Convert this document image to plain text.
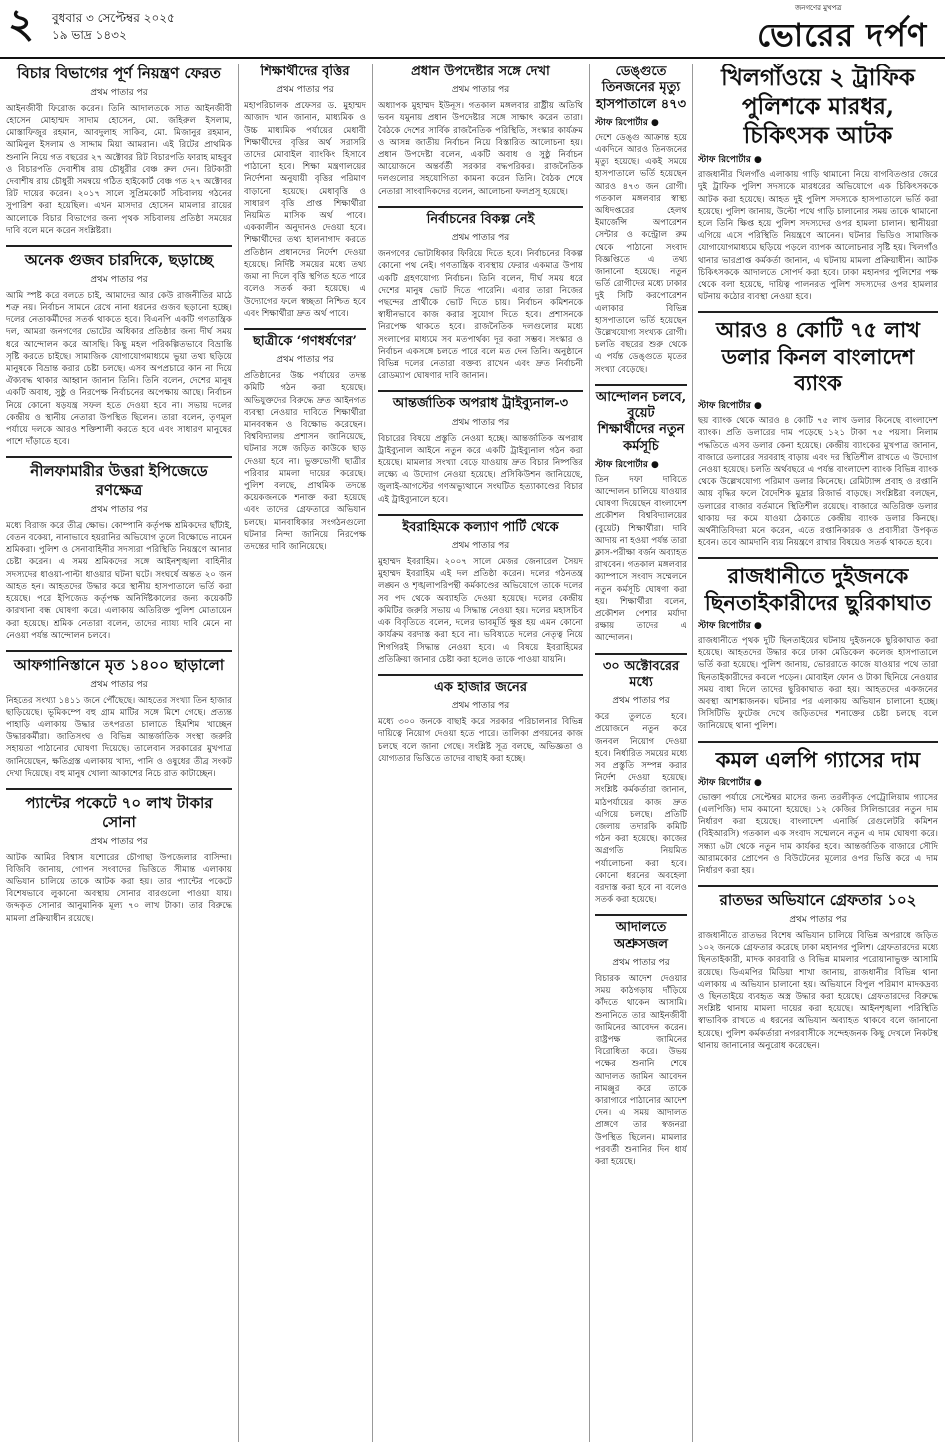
২ বুধবার ৩ সেপ্টেম্বর ২০২৫
১৯ ভাদ্র ১৪৩২
জনগণের মুখপত্র
ভোরের দর্পণ
বিচার বিভাগের পূর্ণ নিয়ন্ত্রণ ফেরত
প্রথম পাতার পর
আইনজীবী ফিরোজ করেন। তিনি আদালতকে সাত আইনজীবী হোসেন মোহাম্মদ সাদাম হোসেন, মো. জহিরুল ইসলাম, মোস্তাফিজুর রহমান, আবদুলাহ সাকিব, মো. মিজানুর রহমান, আমিনুল ইসলাম ও সাদ্দাম মিয়া আমরান। এই রিটের প্রাথমিক শুনানি নিয়ে গত বছরের ২৭ অক্টোবর রিট বিচারপতি ফারাহ মাহবুব ও বিচারপতি দেবাশীষ রায় চৌধুরীর বেঞ্চ রুল দেন। রিটকারী দেবাশীষ রায় চৌধুরী সমন্বয়ে গঠিত হাইকোর্ট বেঞ্চ গত ২৭ অক্টোবর রিট দায়ের করেন। ২০১৭ সালে সুপ্রিমকোর্ট সচিবালয় গঠনের সুপারিশ করা হয়েছিল। এখন মাসদার হোসেন মামলার রায়ের আলোকে বিচার বিভাগের জন্য পৃথক সচিবালয় প্রতিষ্ঠা সময়ের দাবি বলে মনে করেন সংশ্লিষ্টরা।
অনেক গুজব চারদিকে, ছড়াচ্ছে
প্রথম পাতার পর
আমি স্পষ্ট করে বলতে চাই, আমাদের আর কেউ রাজনীতির মাঠে শত্রু নয়। নির্বাচন সামনে রেখে নানা ধরনের গুজব ছড়ানো হচ্ছে। দলের নেতাকর্মীদের সতর্ক থাকতে হবে। বিএনপি একটি গণতান্ত্রিক দল, আমরা জনগণের ভোটের অধিকার প্রতিষ্ঠার জন্য দীর্ঘ সময় ধরে আন্দোলন করে আসছি। কিছু মহল পরিকল্পিতভাবে বিভ্রান্তি সৃষ্টি করতে চাইছে। সামাজিক যোগাযোগমাধ্যমে ভুয়া তথ্য ছড়িয়ে মানুষকে বিভ্রান্ত করার চেষ্টা চলছে। এসব অপপ্রচারে কান না দিয়ে ঐক্যবদ্ধ থাকার আহ্বান জানান তিনি। তিনি বলেন, দেশের মানুষ একটি অবাধ, সুষ্ঠু ও নিরপেক্ষ নির্বাচনের অপেক্ষায় আছে। নির্বাচন নিয়ে কোনো ষড়যন্ত্র সফল হতে দেওয়া হবে না। সভায় দলের কেন্দ্রীয় ও স্থানীয় নেতারা উপস্থিত ছিলেন। তারা বলেন, তৃণমূল পর্যায়ে দলকে আরও শক্তিশালী করতে হবে এবং সাধারণ মানুষের পাশে দাঁড়াতে হবে।
নীলফামারীর উত্তরা ইপিজেডে রণক্ষেত্র
প্রথম পাতার পর
মধ্যে বিরাজ করে তীব্র ক্ষোভ। কোম্পানি কর্তৃপক্ষ শ্রমিকদের ছাঁটাই, বেতন বকেয়া, নানাভাবে হয়রানির অভিযোগ তুলে বিক্ষোভে নামেন শ্রমিকরা। পুলিশ ও সেনাবাহিনীর সদস্যরা পরিস্থিতি নিয়ন্ত্রণে আনার চেষ্টা করেন। এ সময় শ্রমিকদের সঙ্গে আইনশৃঙ্খলা বাহিনীর সদস্যদের ধাওয়া-পাল্টা ধাওয়ার ঘটনা ঘটে। সংঘর্ষে অন্তত ২০ জন আহত হন। আহতদের উদ্ধার করে স্থানীয় হাসপাতালে ভর্তি করা হয়েছে। পরে ইপিজেড কর্তৃপক্ষ অনির্দিষ্টকালের জন্য কয়েকটি কারখানা বন্ধ ঘোষণা করে। এলাকায় অতিরিক্ত পুলিশ মোতায়েন করা হয়েছে। শ্রমিক নেতারা বলেন, তাদের ন্যায্য দাবি মেনে না নেওয়া পর্যন্ত আন্দোলন চলবে।
আফগানিস্তানে মৃত ১৪০০ ছাড়ালো
প্রথম পাতার পর
নিহতের সংখ্যা ১৪১১ জনে পৌঁছেছে। আহতের সংখ্যা তিন হাজার ছাড়িয়েছে। ভূমিকম্পে বহু গ্রাম মাটির সঙ্গে মিশে গেছে। প্রত্যন্ত পাহাড়ি এলাকায় উদ্ধার তৎপরতা চালাতে হিমশিম খাচ্ছেন উদ্ধারকর্মীরা। জাতিসংঘ ও বিভিন্ন আন্তর্জাতিক সংস্থা জরুরি সহায়তা পাঠানোর ঘোষণা দিয়েছে। তালেবান সরকারের মুখপাত্র জানিয়েছেন, ক্ষতিগ্রস্ত এলাকায় খাদ্য, পানি ও ওষুধের তীব্র সংকট দেখা দিয়েছে। বহু মানুষ খোলা আকাশের নিচে রাত কাটাচ্ছেন।
প্যান্টের পকেটে ৭০ লাখ টাকার সোনা
প্রথম পাতার পর
আটক আমির বিশ্বাস যশোরের চৌগাছা উপজেলার বাসিন্দা। বিজিবি জানায়, গোপন সংবাদের ভিত্তিতে সীমান্ত এলাকায় অভিযান চালিয়ে তাকে আটক করা হয়। তার প্যান্টের পকেটে বিশেষভাবে লুকানো অবস্থায় সোনার বারগুলো পাওয়া যায়। জব্দকৃত সোনার আনুমানিক মূল্য ৭০ লাখ টাকা। তার বিরুদ্ধে মামলা প্রক্রিয়াধীন রয়েছে।
শিক্ষার্থীদের বৃত্তির
প্রথম পাতার পর
মহাপরিচালক প্রফেসর ড. মুহাম্মদ আজাদ খান জানান, মাধ্যমিক ও উচ্চ মাধ্যমিক পর্যায়ের মেধাবী শিক্ষার্থীদের বৃত্তির অর্থ সরাসরি তাদের মোবাইল ব্যাংকিং হিসাবে পাঠানো হবে। শিক্ষা মন্ত্রণালয়ের নির্দেশনা অনুযায়ী বৃত্তির পরিমাণ বাড়ানো হয়েছে। মেধাবৃত্তি ও সাধারণ বৃত্তি প্রাপ্ত শিক্ষার্থীরা নিয়মিত মাসিক অর্থ পাবে। এককালীন অনুদানও দেওয়া হবে। শিক্ষার্থীদের তথ্য হালনাগাদ করতে প্রতিষ্ঠান প্রধানদের নির্দেশ দেওয়া হয়েছে। নির্দিষ্ট সময়ের মধ্যে তথ্য জমা না দিলে বৃত্তি স্থগিত হতে পারে বলেও সতর্ক করা হয়েছে। এ উদ্যোগের ফলে স্বচ্ছতা নিশ্চিত হবে এবং শিক্ষার্থীরা দ্রুত অর্থ পাবে।
ছাত্রীকে ‘গণধর্ষণের’
প্রথম পাতার পর
প্রতিষ্ঠানের উচ্চ পর্যায়ের তদন্ত কমিটি গঠন করা হয়েছে। অভিযুক্তদের বিরুদ্ধে দ্রুত আইনগত ব্যবস্থা নেওয়ার দাবিতে শিক্ষার্থীরা মানববন্ধন ও বিক্ষোভ করেছেন। বিশ্ববিদ্যালয় প্রশাসন জানিয়েছে, ঘটনার সঙ্গে জড়িত কাউকে ছাড় দেওয়া হবে না। ভুক্তভোগী ছাত্রীর পরিবার মামলা দায়ের করেছে। পুলিশ বলছে, প্রাথমিক তদন্তে কয়েকজনকে শনাক্ত করা হয়েছে এবং তাদের গ্রেফতারে অভিযান চলছে। মানবাধিকার সংগঠনগুলো ঘটনার নিন্দা জানিয়ে নিরপেক্ষ তদন্তের দাবি জানিয়েছে।
প্রধান উপদেষ্টার সঙ্গে দেখা
প্রথম পাতার পর
অধ্যাপক মুহাম্মদ ইউনূস। গতকাল মঙ্গলবার রাষ্ট্রীয় অতিথি ভবন যমুনায় প্রধান উপদেষ্টার সঙ্গে সাক্ষাৎ করেন তারা। বৈঠকে দেশের সার্বিক রাজনৈতিক পরিস্থিতি, সংস্কার কার্যক্রম ও আসন্ন জাতীয় নির্বাচন নিয়ে বিস্তারিত আলোচনা হয়। প্রধান উপদেষ্টা বলেন, একটি অবাধ ও সুষ্ঠু নির্বাচন আয়োজনে অন্তর্বর্তী সরকার বদ্ধপরিকর। রাজনৈতিক দলগুলোর সহযোগিতা কামনা করেন তিনি। বৈঠক শেষে নেতারা সাংবাদিকদের বলেন, আলোচনা ফলপ্রসূ হয়েছে।
নির্বাচনের বিকল্প নেই
প্রথম পাতার পর
জনগণের ভোটাধিকার ফিরিয়ে দিতে হবে। নির্বাচনের বিকল্প কোনো পথ নেই। গণতান্ত্রিক ব্যবস্থায় ফেরার একমাত্র উপায় একটি গ্রহণযোগ্য নির্বাচন। তিনি বলেন, দীর্ঘ সময় ধরে দেশের মানুষ ভোট দিতে পারেনি। এবার তারা নিজের পছন্দের প্রার্থীকে ভোট দিতে চায়। নির্বাচন কমিশনকে স্বাধীনভাবে কাজ করার সুযোগ দিতে হবে। প্রশাসনকে নিরপেক্ষ থাকতে হবে। রাজনৈতিক দলগুলোর মধ্যে সংলাপের মাধ্যমে সব মতপার্থক্য দূর করা সম্ভব। সংস্কার ও নির্বাচন একসঙ্গে চলতে পারে বলে মত দেন তিনি। অনুষ্ঠানে বিভিন্ন দলের নেতারা বক্তব্য রাখেন এবং দ্রুত নির্বাচনী রোডম্যাপ ঘোষণার দাবি জানান।
আন্তর্জাতিক অপরাধ ট্রাইব্যুনাল-৩
প্রথম পাতার পর
বিচারের বিষয়ে প্রস্তুতি নেওয়া হচ্ছে। আন্তর্জাতিক অপরাধ ট্রাইব্যুনাল আইনে নতুন করে একটি ট্রাইব্যুনাল গঠন করা হয়েছে। মামলার সংখ্যা বেড়ে যাওয়ায় দ্রুত বিচার নিষ্পত্তির লক্ষ্যে এ উদ্যোগ নেওয়া হয়েছে। প্রসিকিউশন জানিয়েছে, জুলাই-আগস্টের গণঅভ্যুত্থানে সংঘটিত হত্যাকাণ্ডের বিচার এই ট্রাইব্যুনালে হবে।
ইবরাহিমকে কল্যাণ পার্টি থেকে
প্রথম পাতার পর
মুহাম্মদ ইবরাহিম। ২০০৭ সালে মেজর জেনারেল সৈয়দ মুহাম্মদ ইবরাহিম এই দল প্রতিষ্ঠা করেন। দলের গঠনতন্ত্র লঙ্ঘন ও শৃঙ্খলাপরিপন্থী কর্মকাণ্ডের অভিযোগে তাকে দলের সব পদ থেকে অব্যাহতি দেওয়া হয়েছে। দলের কেন্দ্রীয় কমিটির জরুরি সভায় এ সিদ্ধান্ত নেওয়া হয়। দলের মহাসচিব এক বিবৃতিতে বলেন, দলের ভাবমূর্তি ক্ষুণ্ণ হয় এমন কোনো কার্যক্রম বরদাস্ত করা হবে না। ভবিষ্যতে দলের নেতৃত্ব নিয়ে শিগগিরই সিদ্ধান্ত নেওয়া হবে। এ বিষয়ে ইবরাহিমের প্রতিক্রিয়া জানার চেষ্টা করা হলেও তাকে পাওয়া যায়নি।
এক হাজার জনের
প্রথম পাতার পর
মধ্যে ৩০০ জনকে বাছাই করে সরকার পরিচালনার বিভিন্ন দায়িত্বে নিয়োগ দেওয়া হতে পারে। তালিকা প্রণয়নের কাজ চলছে বলে জানা গেছে। সংশ্লিষ্ট সূত্র বলছে, অভিজ্ঞতা ও যোগ্যতার ভিত্তিতে তাদের বাছাই করা হচ্ছে।
ডেঙ্গুতে তিনজনের মৃত্যু
হাসপাতালে ৪৭৩
স্টাফ রিপোর্টার ●
দেশে ডেঙ্গু আক্রান্ত হয়ে একদিনে আরও তিনজনের মৃত্যু হয়েছে। একই সময়ে হাসপাতালে ভর্তি হয়েছেন আরও ৪৭৩ জন রোগী। গতকাল মঙ্গলবার স্বাস্থ্য অধিদপ্তরের হেলথ ইমার্জেন্সি অপারেশন সেন্টার ও কন্ট্রোল রুম থেকে পাঠানো সংবাদ বিজ্ঞপ্তিতে এ তথ্য জানানো হয়েছে। নতুন ভর্তি রোগীদের মধ্যে ঢাকার দুই সিটি করপোরেশন এলাকার বিভিন্ন হাসপাতালে ভর্তি হয়েছেন উল্লেখযোগ্য সংখ্যক রোগী। চলতি বছরের শুরু থেকে এ পর্যন্ত ডেঙ্গুতে মৃতের সংখ্যা বেড়েছে।
আন্দোলন চলবে, বুয়েট
শিক্ষার্থীদের নতুন কর্মসূচি
স্টাফ রিপোর্টার ●
তিন দফা দাবিতে আন্দোলন চালিয়ে যাওয়ার ঘোষণা দিয়েছেন বাংলাদেশ প্রকৌশল বিশ্ববিদ্যালয়ের (বুয়েট) শিক্ষার্থীরা। দাবি আদায় না হওয়া পর্যন্ত তারা ক্লাস-পরীক্ষা বর্জন অব্যাহত রাখবেন। গতকাল মঙ্গলবার ক্যাম্পাসে সংবাদ সম্মেলনে নতুন কর্মসূচি ঘোষণা করা হয়। শিক্ষার্থীরা বলেন, প্রকৌশল পেশার মর্যাদা রক্ষায় তাদের এ আন্দোলন।
৩০ অক্টোবরের মধ্যে
প্রথম পাতার পর
করে তুলতে হবে। প্রয়োজনে নতুন করে জনবল নিয়োগ দেওয়া হবে। নির্ধারিত সময়ের মধ্যে সব প্রস্তুতি সম্পন্ন করার নির্দেশ দেওয়া হয়েছে। সংশ্লিষ্ট কর্মকর্তারা জানান, মাঠপর্যায়ের কাজ দ্রুত এগিয়ে চলছে। প্রতিটি জেলায় তদারকি কমিটি গঠন করা হয়েছে। কাজের অগ্রগতি নিয়মিত পর্যালোচনা করা হবে। কোনো ধরনের অবহেলা বরদাস্ত করা হবে না বলেও সতর্ক করা হয়েছে।
আদালতে অশ্রুসজল
প্রথম পাতার পর
বিচারক আদেশ দেওয়ার সময় কাঠগড়ায় দাঁড়িয়ে কাঁদতে থাকেন আসামি। শুনানিতে তার আইনজীবী জামিনের আবেদন করেন। রাষ্ট্রপক্ষ জামিনের বিরোধিতা করে। উভয় পক্ষের শুনানি শেষে আদালত জামিন আবেদন নামঞ্জুর করে তাকে কারাগারে পাঠানোর আদেশ দেন। এ সময় আদালত প্রাঙ্গণে তার স্বজনরা উপস্থিত ছিলেন। মামলার পরবর্তী শুনানির দিন ধার্য করা হয়েছে।
খিলগাঁওয়ে ২ ট্রাফিক পুলিশকে মারধর, চিকিৎসক আটক
স্টাফ রিপোর্টার ●
রাজধানীর খিলগাঁও এলাকায় গাড়ি থামানো নিয়ে বাগবিতণ্ডার জেরে দুই ট্রাফিক পুলিশ সদস্যকে মারধরের অভিযোগে এক চিকিৎসককে আটক করা হয়েছে। আহত দুই পুলিশ সদস্যকে হাসপাতালে ভর্তি করা হয়েছে। পুলিশ জানায়, উল্টো পথে গাড়ি চালানোর সময় তাকে থামানো হলে তিনি ক্ষিপ্ত হয়ে পুলিশ সদস্যদের ওপর হামলা চালান। স্থানীয়রা এগিয়ে এসে পরিস্থিতি নিয়ন্ত্রণে আনেন। ঘটনার ভিডিও সামাজিক যোগাযোগমাধ্যমে ছড়িয়ে পড়লে ব্যাপক আলোচনার সৃষ্টি হয়। খিলগাঁও থানার ভারপ্রাপ্ত কর্মকর্তা জানান, এ ঘটনায় মামলা প্রক্রিয়াধীন। আটক চিকিৎসককে আদালতে সোপর্দ করা হবে। ঢাকা মহানগর পুলিশের পক্ষ থেকে বলা হয়েছে, দায়িত্ব পালনরত পুলিশ সদস্যদের ওপর হামলার ঘটনায় কঠোর ব্যবস্থা নেওয়া হবে।
আরও ৪ কোটি ৭৫ লাখ ডলার কিনল বাংলাদেশ ব্যাংক
স্টাফ রিপোর্টার ●
ছয় ব্যাংক থেকে আরও ৪ কোটি ৭৫ লাখ ডলার কিনেছে বাংলাদেশ ব্যাংক। প্রতি ডলারের দাম পড়েছে ১২১ টাকা ৭৫ পয়সা। নিলাম পদ্ধতিতে এসব ডলার কেনা হয়েছে। কেন্দ্রীয় ব্যাংকের মুখপাত্র জানান, বাজারে ডলারের সরবরাহ বাড়ায় এবং দর স্থিতিশীল রাখতে এ উদ্যোগ নেওয়া হয়েছে। চলতি অর্থবছরে এ পর্যন্ত বাংলাদেশ ব্যাংক বিভিন্ন ব্যাংক থেকে উল্লেখযোগ্য পরিমাণ ডলার কিনেছে। রেমিট্যান্স প্রবাহ ও রপ্তানি আয় বৃদ্ধির ফলে বৈদেশিক মুদ্রার রিজার্ভ বাড়ছে। সংশ্লিষ্টরা বলছেন, ডলারের বাজার বর্তমানে স্থিতিশীল রয়েছে। বাজারে অতিরিক্ত ডলার থাকায় দর কমে যাওয়া ঠেকাতে কেন্দ্রীয় ব্যাংক ডলার কিনছে। অর্থনীতিবিদরা মনে করেন, এতে রপ্তানিকারক ও প্রবাসীরা উপকৃত হবেন। তবে আমদানি ব্যয় নিয়ন্ত্রণে রাখার বিষয়েও সতর্ক থাকতে হবে।
রাজধানীতে দুইজনকে ছিনতাইকারীদের ছুরিকাঘাত
স্টাফ রিপোর্টার ●
রাজধানীতে পৃথক দুটি ছিনতাইয়ের ঘটনায় দুইজনকে ছুরিকাঘাত করা হয়েছে। আহতদের উদ্ধার করে ঢাকা মেডিকেল কলেজ হাসপাতালে ভর্তি করা হয়েছে। পুলিশ জানায়, ভোররাতে কাজে যাওয়ার পথে তারা ছিনতাইকারীদের কবলে পড়েন। মোবাইল ফোন ও টাকা ছিনিয়ে নেওয়ার সময় বাধা দিলে তাদের ছুরিকাঘাত করা হয়। আহতদের একজনের অবস্থা আশঙ্কাজনক। ঘটনার পর এলাকায় অভিযান চালানো হচ্ছে। সিসিটিভি ফুটেজ দেখে জড়িতদের শনাক্তের চেষ্টা চলছে বলে জানিয়েছে থানা পুলিশ।
কমল এলপি গ্যাসের দাম
স্টাফ রিপোর্টার ●
ভোক্তা পর্যায়ে সেপ্টেম্বর মাসের জন্য তরলীকৃত পেট্রোলিয়াম গ্যাসের (এলপিজি) দাম কমানো হয়েছে। ১২ কেজির সিলিন্ডারের নতুন দাম নির্ধারণ করা হয়েছে। বাংলাদেশ এনার্জি রেগুলেটরি কমিশন (বিইআরসি) গতকাল এক সংবাদ সম্মেলনে নতুন এ দাম ঘোষণা করে। সন্ধ্যা ৬টা থেকে নতুন দাম কার্যকর হবে। আন্তর্জাতিক বাজারে সৌদি আরামকোর প্রোপেন ও বিউটেনের মূল্যের ওপর ভিত্তি করে এ দাম নির্ধারণ করা হয়।
রাতভর অভিযানে গ্রেফতার ১০২
প্রথম পাতার পর
রাজধানীতে রাতভর বিশেষ অভিযান চালিয়ে বিভিন্ন অপরাধে জড়িত ১০২ জনকে গ্রেফতার করেছে ঢাকা মহানগর পুলিশ। গ্রেফতারদের মধ্যে ছিনতাইকারী, মাদক কারবারি ও বিভিন্ন মামলার পরোয়ানাভুক্ত আসামি রয়েছে। ডিএমপির মিডিয়া শাখা জানায়, রাজধানীর বিভিন্ন থানা এলাকায় এ অভিযান চালানো হয়। অভিযানে বিপুল পরিমাণ মাদকদ্রব্য ও ছিনতাইয়ে ব্যবহৃত অস্ত্র উদ্ধার করা হয়েছে। গ্রেফতারদের বিরুদ্ধে সংশ্লিষ্ট থানায় মামলা দায়ের করা হয়েছে। আইনশৃঙ্খলা পরিস্থিতি স্বাভাবিক রাখতে এ ধরনের অভিযান অব্যাহত থাকবে বলে জানানো হয়েছে। পুলিশ কর্মকর্তারা নগরবাসীকে সন্দেহজনক কিছু দেখলে নিকটস্থ থানায় জানানোর অনুরোধ করেছেন।
